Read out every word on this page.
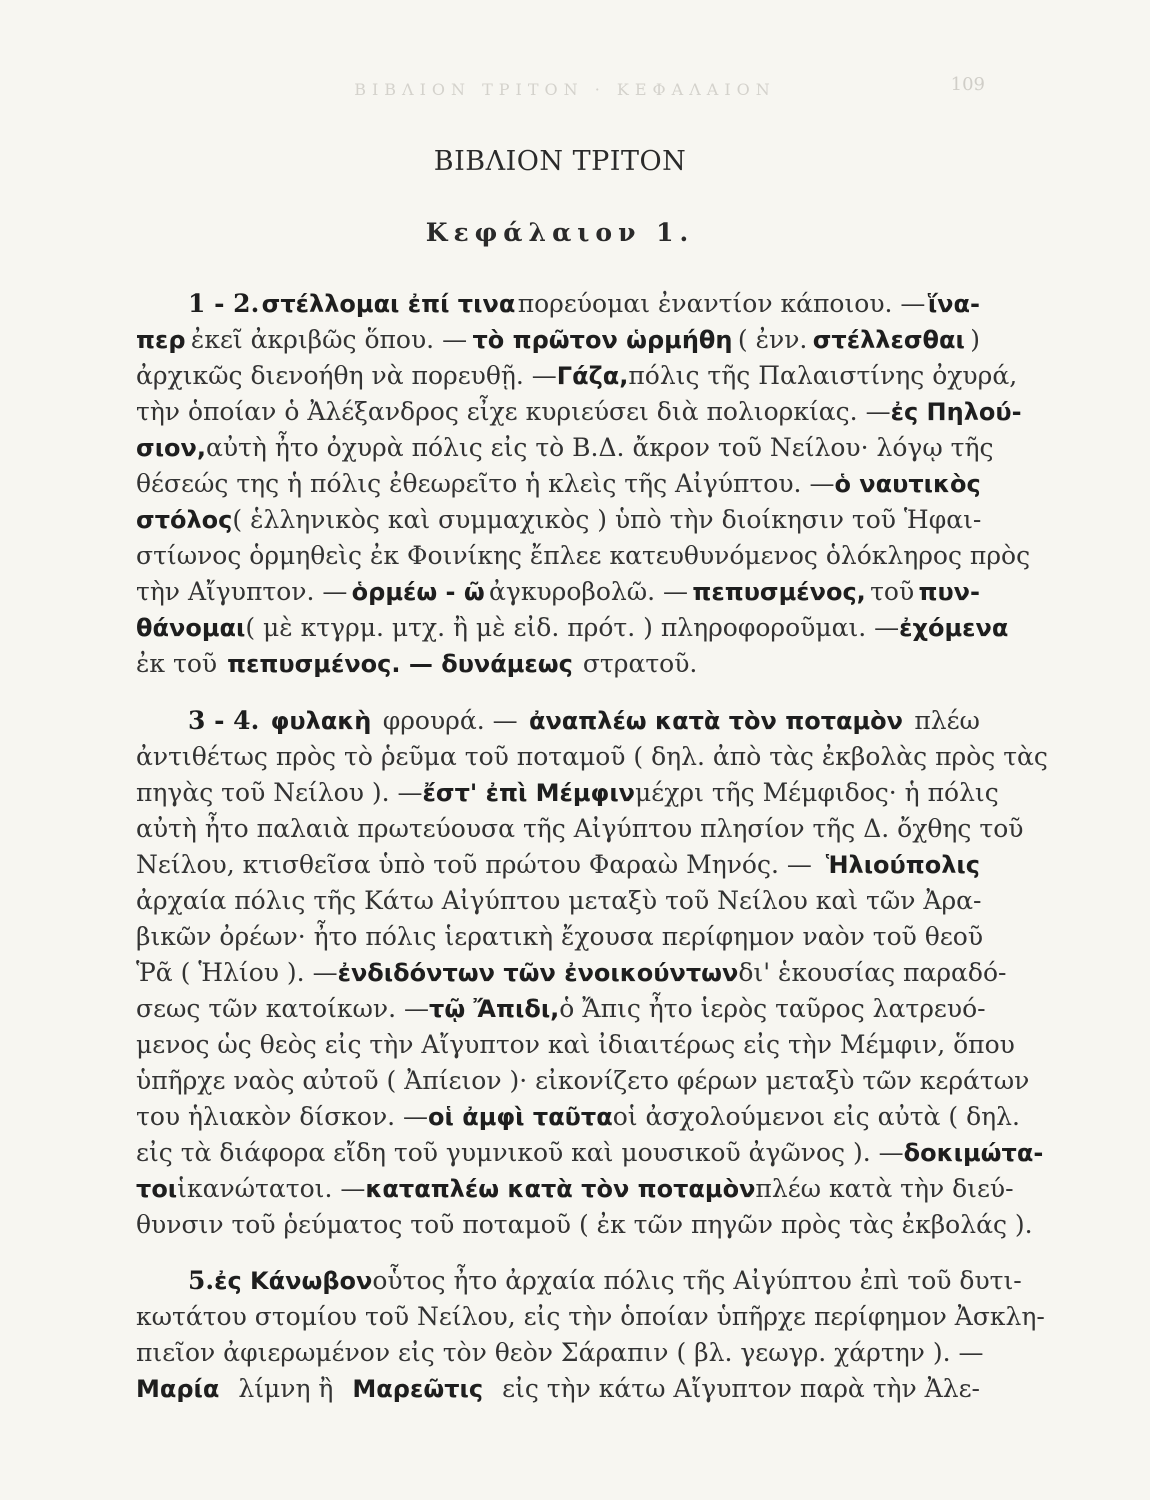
ΒΙΒΛΙΟΝ ΤΡΙΤΟΝ · ΚΕΦΑΛΑΙΟΝ	109
ΒΙΒΛΙΟΝ ΤΡΙΤΟΝ
Κεφάλαιον 1.
1 - 2. στέλλομαι ἐπί τινα πορεύομαι ἐναντίον κάποιου. — ἵνα-
περ ἐκεῖ ἀκριβῶς ὅπου. — τὸ πρῶτον ὡρμήθη ( ἐνν. στέλλεσθαι )
ἀρχικῶς διενοήθη νὰ πορευθῇ. — Γάζα, πόλις τῆς Παλαιστίνης ὀχυρά,
τὴν ὁποίαν ὁ Ἀλέξανδρος εἶχε κυριεύσει διὰ πολιορκίας. — ἐς Πηλού-
σιον, αὐτὴ ἦτο ὀχυρὰ πόλις εἰς τὸ Β.Δ. ἄκρον τοῦ Νείλου· λόγῳ τῆς
θέσεώς της ἡ πόλις ἐθεωρεῖτο ἡ κλεὶς τῆς Αἰγύπτου. — ὁ ναυτικὸς
στόλος ( ἑλληνικὸς καὶ συμμαχικὸς ) ὑπὸ τὴν διοίκησιν τοῦ Ἡφαι-
στίωνος ὁρμηθεὶς ἐκ Φοινίκης ἔπλεε κατευθυνόμενος ὁλόκληρος πρὸς
τὴν Αἴγυπτον. — ὁρμέω - ῶ ἀγκυροβολῶ. — πεπυσμένος, τοῦ πυν-
θάνομαι ( μὲ κτγρμ. μτχ. ἢ μὲ εἰδ. πρότ. ) πληροφοροῦμαι. — ἐχόμενα
ἐκ τοῦ πεπυσμένος. — δυνάμεως στρατοῦ.
3 - 4. φυλακὴ φρουρά. — ἀναπλέω κατὰ τὸν ποταμὸν πλέω
ἀντιθέτως πρὸς τὸ ῥεῦμα τοῦ ποταμοῦ ( δηλ. ἀπὸ τὰς ἐκβολὰς πρὸς τὰς
πηγὰς τοῦ Νείλου ). — ἔστ' ἐπὶ Μέμφιν μέχρι τῆς Μέμφιδος· ἡ πόλις
αὐτὴ ἦτο παλαιὰ πρωτεύουσα τῆς Αἰγύπτου πλησίον τῆς Δ. ὄχθης τοῦ
Νείλου, κτισθεῖσα ὑπὸ τοῦ πρώτου Φαραὼ Μηνός. — Ἡλιούπολις
ἀρχαία πόλις τῆς Κάτω Αἰγύπτου μεταξὺ τοῦ Νείλου καὶ τῶν Ἀρα-
βικῶν ὀρέων· ἦτο πόλις ἱερατικὴ ἔχουσα περίφημον ναὸν τοῦ θεοῦ
Ῥᾶ ( Ἡλίου ). — ἐνδιδόντων τῶν ἐνοικούντων δι' ἑκουσίας παραδό-
σεως τῶν κατοίκων. — τῷ Ἄπιδι, ὁ Ἄπις ἦτο ἱερὸς ταῦρος λατρευό-
μενος ὡς θεὸς εἰς τὴν Αἴγυπτον καὶ ἰδιαιτέρως εἰς τὴν Μέμφιν, ὅπου
ὑπῆρχε ναὸς αὐτοῦ ( Ἀπίειον )· εἰκονίζετο φέρων μεταξὺ τῶν κεράτων
του ἡλιακὸν δίσκον. — οἱ ἀμφὶ ταῦτα οἱ ἀσχολούμενοι εἰς αὐτὰ ( δηλ.
εἰς τὰ διάφορα εἴδη τοῦ γυμνικοῦ καὶ μουσικοῦ ἀγῶνος ). — δοκιμώτα-
τοι ἱκανώτατοι. — καταπλέω κατὰ τὸν ποταμὸν πλέω κατὰ τὴν διεύ-
θυνσιν τοῦ ῥεύματος τοῦ ποταμοῦ ( ἐκ τῶν πηγῶν πρὸς τὰς ἐκβολάς ).
5. ἐς Κάνωβον οὗτος ἦτο ἀρχαία πόλις τῆς Αἰγύπτου ἐπὶ τοῦ δυτι-
κωτάτου στομίου τοῦ Νείλου, εἰς τὴν ὁποίαν ὑπῆρχε περίφημον Ἀσκλη-
πιεῖον ἀφιερωμένον εἰς τὸν θεὸν Σάραπιν ( βλ. γεωγρ. χάρτην ). —
Μαρία λίμνη ἢ Μαρεῶτις εἰς τὴν κάτω Αἴγυπτον παρὰ τὴν Ἀλε-
